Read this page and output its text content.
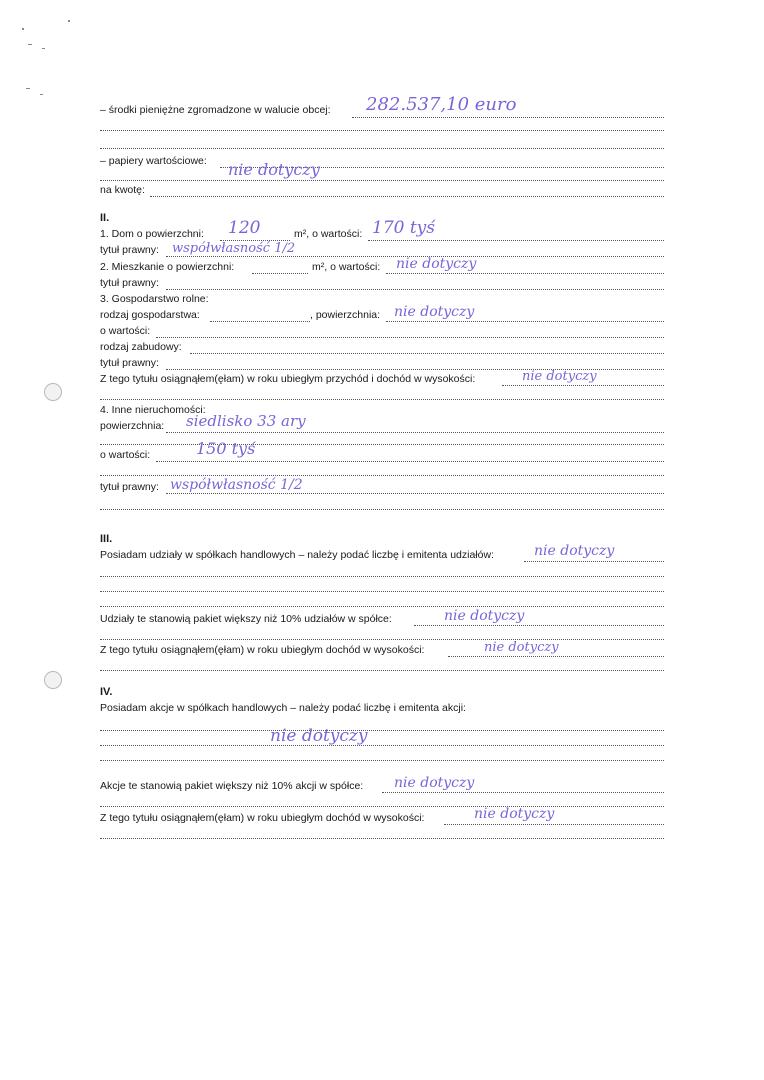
– środki pieniężne zgromadzone w walucie obcej: 282.537,10 euro
– papiery wartościowe: nie dotyczy
na kwotę:
II.
1. Dom o powierzchni: 120	m², o wartości: 170 tyś
tytuł prawny: współwłasność 1/2
2. Mieszkanie o powierzchni:	m², o wartości: nie dotyczy
tytuł prawny:
3. Gospodarstwo rolne:
rodzaj gospodarstwa:	, powierzchnia: nie dotyczy
o wartości:
rodzaj zabudowy:
tytuł prawny:
Z tego tytułu osiągnąłem(ęłam) w roku ubiegłym przychód i dochód w wysokości:	nie dotyczy
4. Inne nieruchomości:
powierzchnia: siedlisko 33 ary
o wartości:	150 tyś
tytuł prawny: współwłasność 1/2
III.
Posiadam udziały w spółkach handlowych – należy podać liczbę i emitenta udziałów:	nie dotyczy
Udziały te stanowią pakiet większy niż 10% udziałów w spółce:	nie dotyczy
Z tego tytułu osiągnąłem(ęłam) w roku ubiegłym dochód w wysokości:	nie dotyczy
IV.
Posiadam akcje w spółkach handlowych – należy podać liczbę i emitenta akcji:
nie dotyczy
Akcje te stanowią pakiet większy niż 10% akcji w spółce: nie dotyczy
Z tego tytułu osiągnąłem(ęłam) w roku ubiegłym dochód w wysokości:	nie dotyczy
